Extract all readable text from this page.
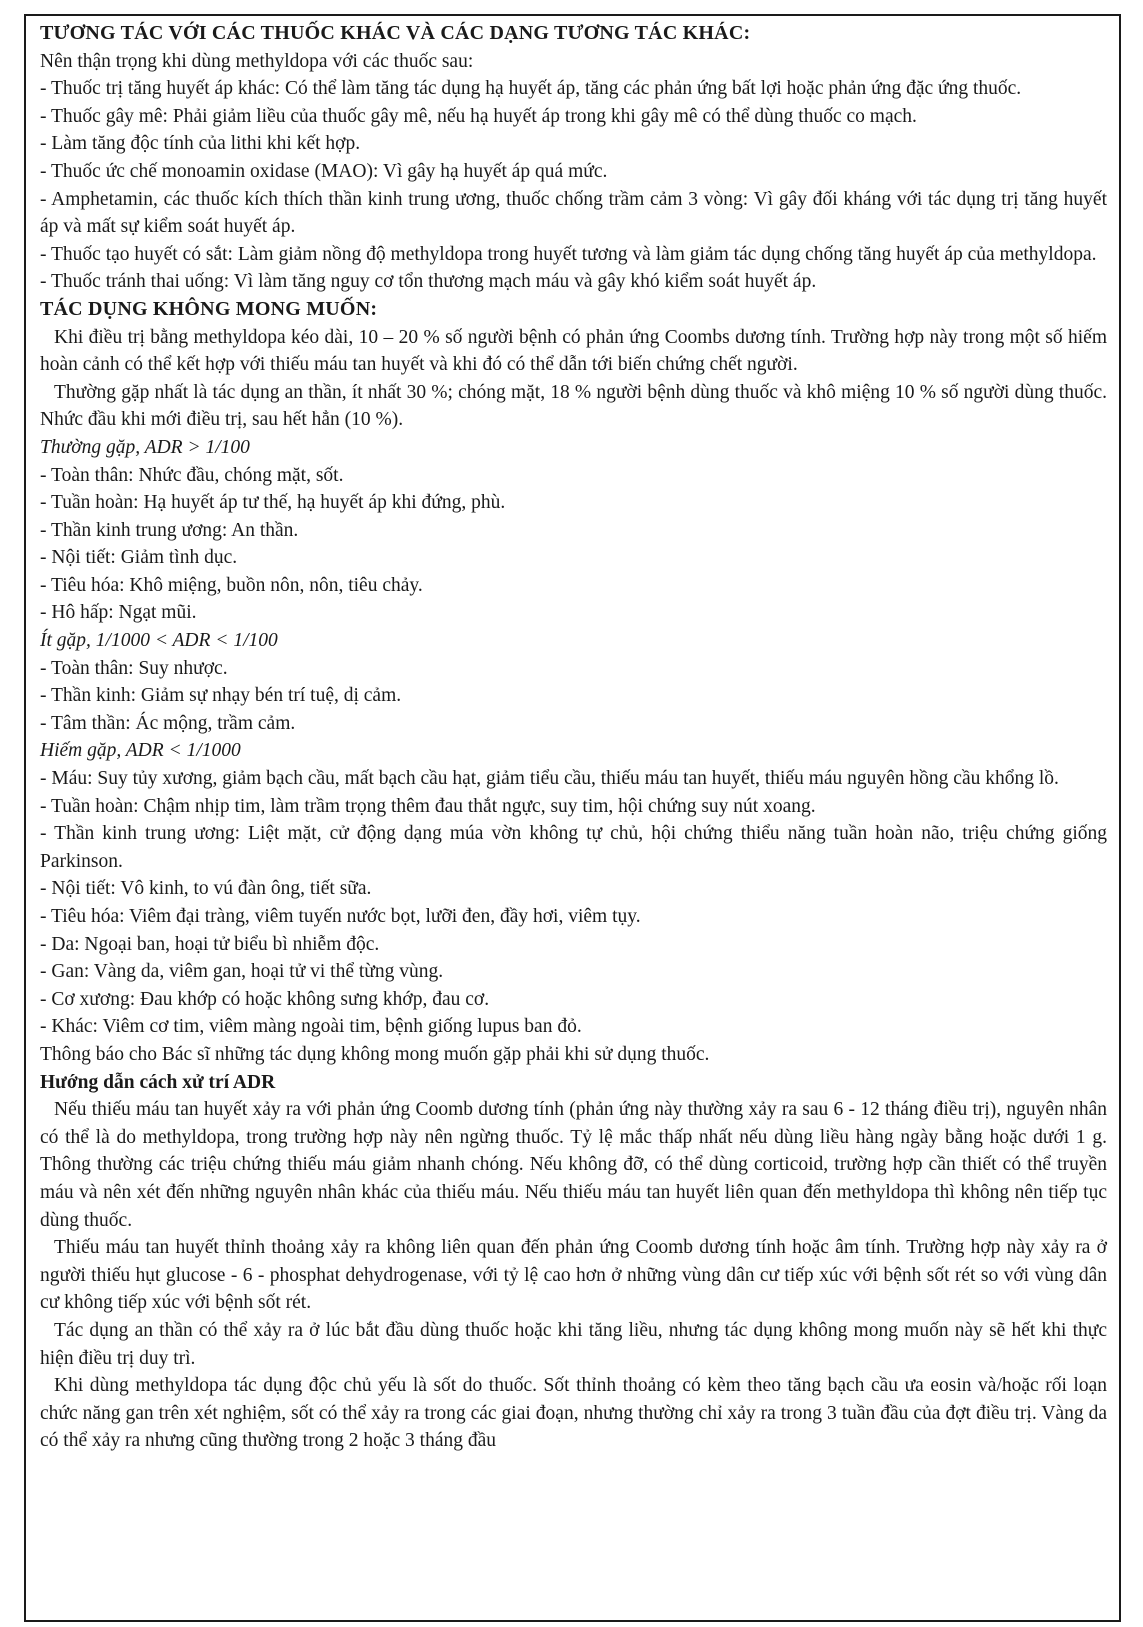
TƯƠNG TÁC VỚI CÁC THUỐC KHÁC VÀ CÁC DẠNG TƯƠNG TÁC KHÁC:

Nên thận trọng khi dùng methyldopa với các thuốc sau:

- Thuốc trị tăng huyết áp khác: Có thể làm tăng tác dụng hạ huyết áp, tăng các phản ứng bất lợi hoặc phản ứng đặc ứng thuốc.

- Thuốc gây mê: Phải giảm liều của thuốc gây mê, nếu hạ huyết áp trong khi gây mê có thể dùng thuốc co mạch.

- Làm tăng độc tính của lithi khi kết hợp.

- Thuốc ức chế monoamin oxidase (MAO): Vì gây hạ huyết áp quá mức.

- Amphetamin, các thuốc kích thích thần kinh trung ương, thuốc chống trầm cảm 3 vòng: Vì gây đối kháng với tác dụng trị tăng huyết áp và mất sự kiểm soát huyết áp.

- Thuốc tạo huyết có sắt: Làm giảm nồng độ methyldopa trong huyết tương và làm giảm tác dụng chống tăng huyết áp của methyldopa.

- Thuốc tránh thai uống: Vì làm tăng nguy cơ tổn thương mạch máu và gây khó kiểm soát huyết áp.

TÁC DỤNG KHÔNG MONG MUỐN:

Khi điều trị bằng methyldopa kéo dài, 10 – 20 % số người bệnh có phản ứng Coombs dương tính. Trường hợp này trong một số hiếm hoàn cảnh có thể kết hợp với thiếu máu tan huyết và khi đó có thể dẫn tới biến chứng chết người.

Thường gặp nhất là tác dụng an thần, ít nhất 30 %; chóng mặt, 18 % người bệnh dùng thuốc và khô miệng 10 % số người dùng thuốc. Nhức đầu khi mới điều trị, sau hết hẳn (10 %).

Thường gặp, ADR > 1/100

- Toàn thân: Nhức đầu, chóng mặt, sốt.

- Tuần hoàn: Hạ huyết áp tư thế, hạ huyết áp khi đứng, phù.

- Thần kinh trung ương: An thần.

- Nội tiết: Giảm tình dục.

- Tiêu hóa: Khô miệng, buồn nôn, nôn, tiêu chảy.

- Hô hấp: Ngạt mũi.

Ít gặp, 1/1000 < ADR < 1/100

- Toàn thân: Suy nhược.

- Thần kinh: Giảm sự nhạy bén trí tuệ, dị cảm.

- Tâm thần: Ác mộng, trầm cảm.

Hiếm gặp, ADR < 1/1000

- Máu: Suy tủy xương, giảm bạch cầu, mất bạch cầu hạt, giảm tiểu cầu, thiếu máu tan huyết, thiếu máu nguyên hồng cầu khổng lồ.

- Tuần hoàn: Chậm nhịp tim, làm trầm trọng thêm đau thắt ngực, suy tim, hội chứng suy nút xoang.

- Thần kinh trung ương: Liệt mặt, cử động dạng múa vờn không tự chủ, hội chứng thiểu năng tuần hoàn não, triệu chứng giống Parkinson.

- Nội tiết: Vô kinh, to vú đàn ông, tiết sữa.

- Tiêu hóa: Viêm đại tràng, viêm tuyến nước bọt, lưỡi đen, đầy hơi, viêm tụy.

- Da: Ngoại ban, hoại tử biểu bì nhiễm độc.

- Gan: Vàng da, viêm gan, hoại tử vi thể từng vùng.

- Cơ xương: Đau khớp có hoặc không sưng khớp, đau cơ.

- Khác: Viêm cơ tim, viêm màng ngoài tim, bệnh giống lupus ban đỏ.

Thông báo cho Bác sĩ những tác dụng không mong muốn gặp phải khi sử dụng thuốc.

Hướng dẫn cách xử trí ADR

Nếu thiếu máu tan huyết xảy ra với phản ứng Coomb dương tính (phản ứng này thường xảy ra sau 6 - 12 tháng điều trị), nguyên nhân có thể là do methyldopa, trong trường hợp này nên ngừng thuốc. Tỷ lệ mắc thấp nhất nếu dùng liều hàng ngày bằng hoặc dưới 1 g. Thông thường các triệu chứng thiếu máu giảm nhanh chóng. Nếu không đỡ, có thể dùng corticoid, trường hợp cần thiết có thể truyền máu và nên xét đến những nguyên nhân khác của thiếu máu. Nếu thiếu máu tan huyết liên quan đến methyldopa thì không nên tiếp tục dùng thuốc.

Thiếu máu tan huyết thỉnh thoảng xảy ra không liên quan đến phản ứng Coomb dương tính hoặc âm tính. Trường hợp này xảy ra ở người thiếu hụt glucose - 6 - phosphat dehydrogenase, với tỷ lệ cao hơn ở những vùng dân cư tiếp xúc với bệnh sốt rét so với vùng dân cư không tiếp xúc với bệnh sốt rét.

Tác dụng an thần có thể xảy ra ở lúc bắt đầu dùng thuốc hoặc khi tăng liều, nhưng tác dụng không mong muốn này sẽ hết khi thực hiện điều trị duy trì.

Khi dùng methyldopa tác dụng độc chủ yếu là sốt do thuốc. Sốt thỉnh thoảng có kèm theo tăng bạch cầu ưa eosin và/hoặc rối loạn chức năng gan trên xét nghiệm, sốt có thể xảy ra trong các giai đoạn, nhưng thường chỉ xảy ra trong 3 tuần đầu của đợt điều trị. Vàng da có thể xảy ra nhưng cũng thường trong 2 hoặc 3 tháng đầu
